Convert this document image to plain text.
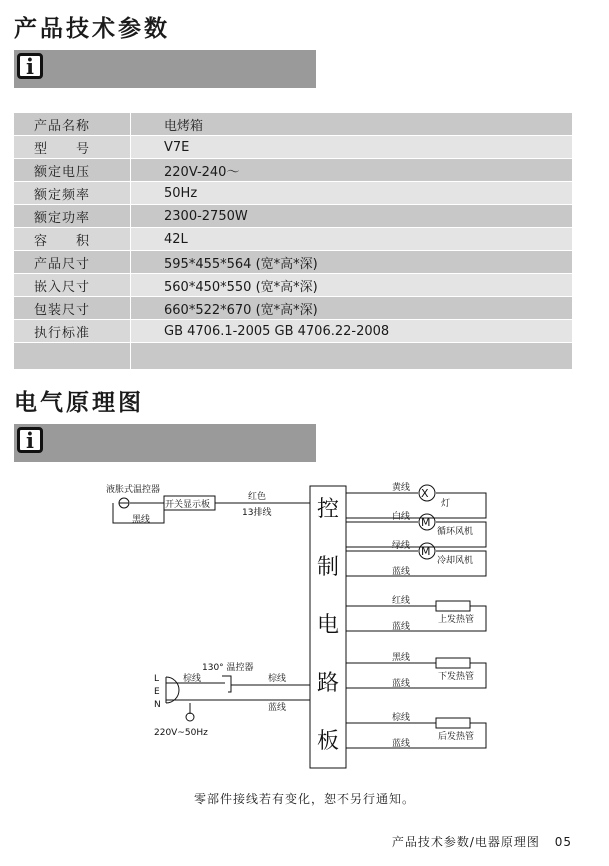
产品技术参数
i
产品名称	电烤箱
型　　号	V7E
额定电压	220V-240～
额定频率	50Hz
额定功率	2300-2750W
容　　积	42L
产品尺寸	595*455*564 (宽*高*深)
嵌入尺寸	560*450*550 (宽*高*深)
包装尺寸	660*522*670 (宽*高*深)
执行标准	GB 4706.1-2005 GB 4706.22-2008

电气原理图
i
控
制
电
路
板
液胀式温控器
开关显示板
红色
13排线
黑线
黄线 X
灯
白线 M
循环风机
绿线 M
冷却风机
蓝线
红线
上发热管
蓝线
黑线
下发热管
蓝线
棕线
后发热管
蓝线
130° 温控器
L
E
N
棕线	棕线
蓝线
220V~50Hz
零部件接线若有变化，恕不另行通知。
产品技术参数/电器原理图 05
